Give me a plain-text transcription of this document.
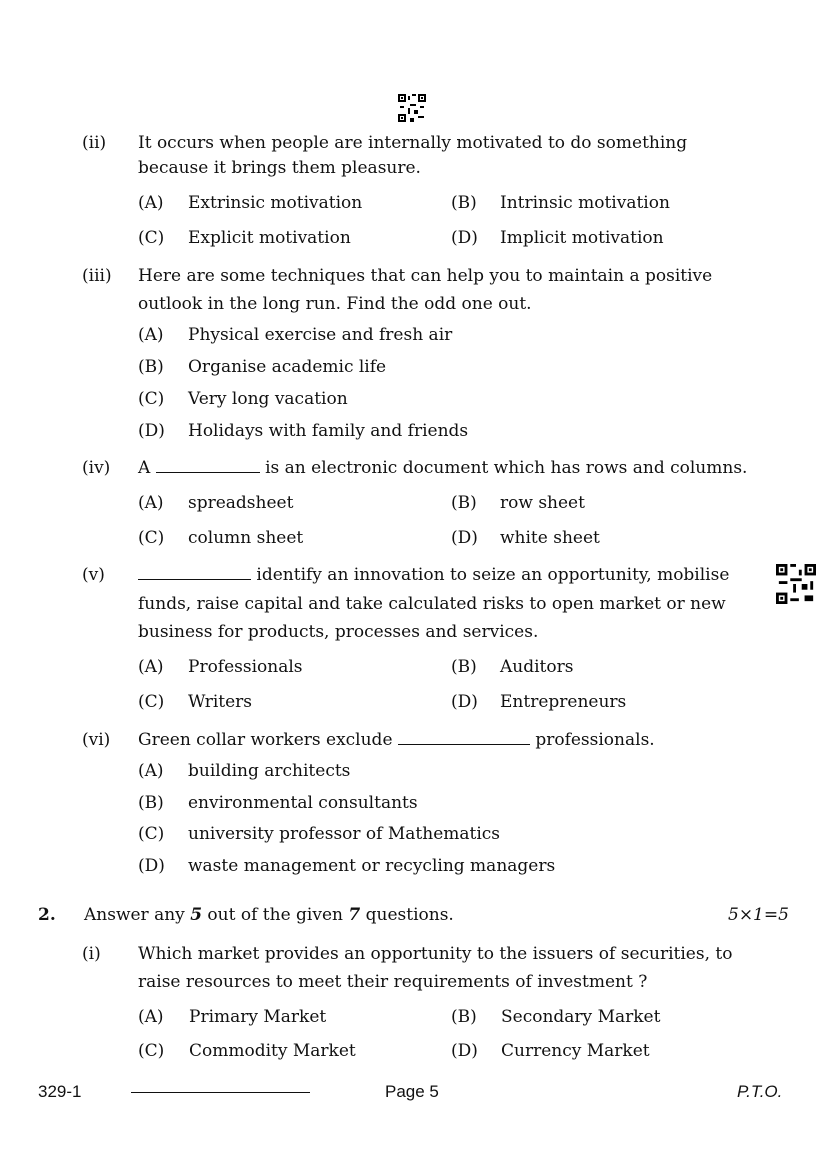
(ii) It occurs when people are internally motivated to do something
because it brings them pleasure.
(A) Extrinsic motivation	(B) Intrinsic motivation
(C) Explicit motivation	(D) Implicit motivation
(iii) Here are some techniques that can help you to maintain a positive
outlook in the long run. Find the odd one out.
(A) Physical exercise and fresh air
(B) Organise academic life
(C) Very long vacation
(D) Holidays with family and friends
(iv) A	is an electronic document which has rows and columns.
(A) spreadsheet	(B) row sheet
(C) column sheet	(D) white sheet
(v)	identify an innovation to seize an opportunity, mobilise
funds, raise capital and take calculated risks to open market or new
business for products, processes and services.
(A) Professionals	(B) Auditors
(C) Writers	(D) Entrepreneurs
(vi) Green collar workers exclude	professionals.
(A) building architects
(B) environmental consultants
(C) university professor of Mathematics
(D) waste management or recycling managers
2. Answer any 5 out of the given 7 questions.	5×1=5
(i) Which market provides an opportunity to the issuers of securities, to
raise resources to meet their requirements of investment ?
(A) Primary Market	(B) Secondary Market
(C) Commodity Market	(D) Currency Market
329-1	Page 5	P.T.O.
